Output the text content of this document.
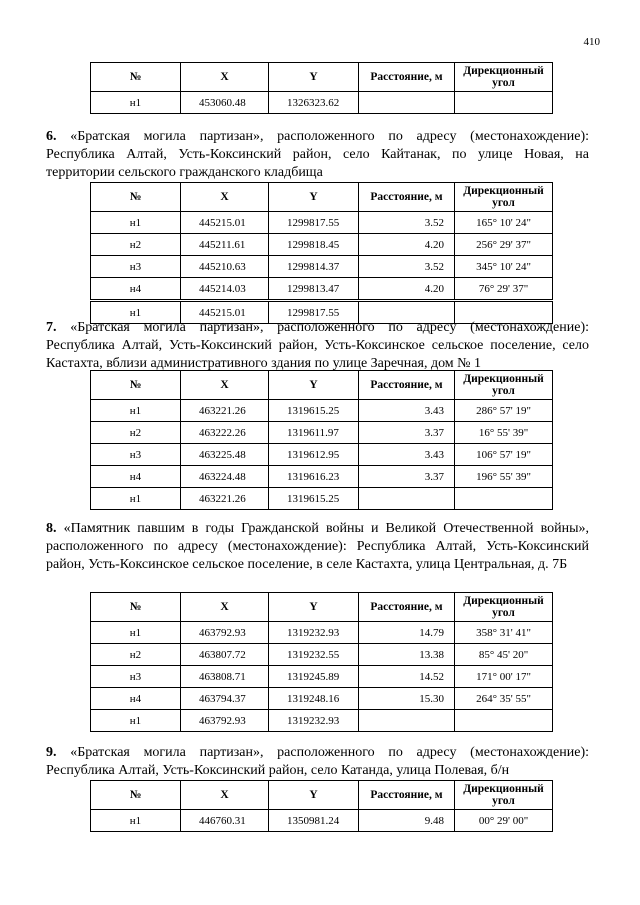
410
№	X	Y	Расстояние, м	Дирекционный угол
н1	453060.48	1326323.62		
6. «Братская могила партизан», расположенного по адресу (местонахождение): Республика Алтай, Усть-Коксинский район, село Кайтанак, по улице Новая, на территории сельского гражданского кладбища
№	X	Y	Расстояние, м	Дирекционный угол
н1	445215.01	1299817.55	3.52	165° 10' 24"
н2	445211.61	1299818.45	4.20	256° 29' 37"
н3	445210.63	1299814.37	3.52	345° 10' 24"
н4	445214.03	1299813.47	4.20	76° 29' 37"
н1	445215.01	1299817.55		
7. «Братская могила партизан», расположенного по адресу (местонахождение): Республика Алтай, Усть-Коксинский район, Усть-Коксинское сельское поселение, село Кастахта, вблизи административного здания по улице Заречная, дом № 1
№	X	Y	Расстояние, м	Дирекционный угол
н1	463221.26	1319615.25	3.43	286° 57' 19"
н2	463222.26	1319611.97	3.37	16° 55' 39"
н3	463225.48	1319612.95	3.43	106° 57' 19"
н4	463224.48	1319616.23	3.37	196° 55' 39"
н1	463221.26	1319615.25		
8. «Памятник павшим в годы Гражданской войны и Великой Отечественной войны», расположенного по адресу (местонахождение): Республика Алтай, Усть-Коксинский район, Усть-Коксинское сельское поселение, в селе Кастахта, улица Центральная, д. 7Б
№	X	Y	Расстояние, м	Дирекционный угол
н1	463792.93	1319232.93	14.79	358° 31' 41"
н2	463807.72	1319232.55	13.38	85° 45' 20"
н3	463808.71	1319245.89	14.52	171° 00' 17"
н4	463794.37	1319248.16	15.30	264° 35' 55"
н1	463792.93	1319232.93		
9. «Братская могила партизан», расположенного по адресу (местонахождение): Республика Алтай, Усть-Коксинский район, село Катанда, улица Полевая, б/н
№	X	Y	Расстояние, м	Дирекционный угол
н1	446760.31	1350981.24	9.48	00° 29' 00"
